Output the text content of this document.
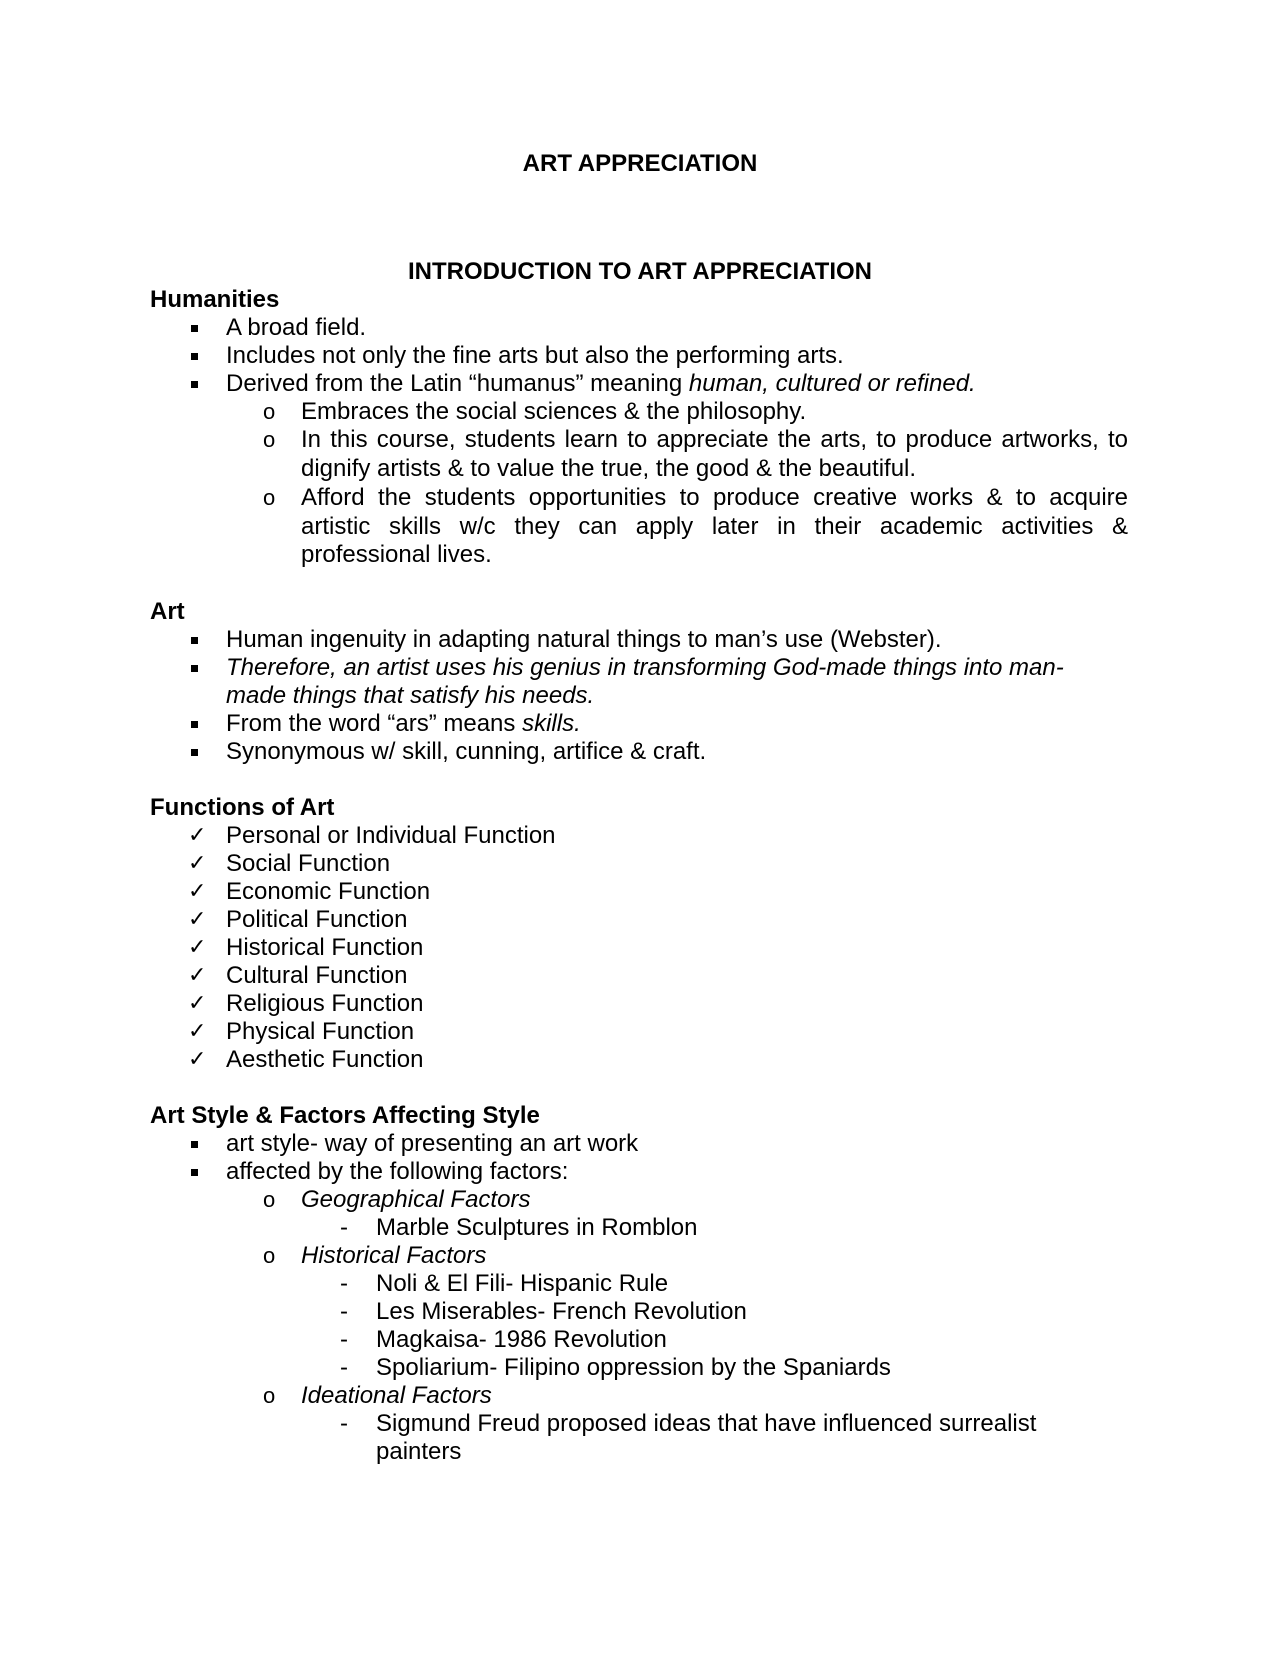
ART APPRECIATION
INTRODUCTION TO ART APPRECIATION
Humanities
A broad field.
Includes not only the fine arts but also the performing arts.
Derived from the Latin “humanus” meaning human, cultured or refined.
o Embraces the social sciences & the philosophy.
o In this course, students learn to appreciate the arts, to produce artworks, to dignify artists & to value the true, the good & the beautiful.
o Afford the students opportunities to produce creative works & to acquire artistic skills w/c they can apply later in their academic activities & professional lives.
Art
Human ingenuity in adapting natural things to man’s use (Webster).
Therefore, an artist uses his genius in transforming God-made things into man-
made things that satisfy his needs.
From the word “ars” means skills.
Synonymous w/ skill, cunning, artifice & craft.
Functions of Art
✓ Personal or Individual Function
✓ Social Function
✓ Economic Function
✓ Political Function
✓ Historical Function
✓ Cultural Function
✓ Religious Function
✓ Physical Function
✓ Aesthetic Function
Art Style & Factors Affecting Style
art style- way of presenting an art work
affected by the following factors:
o Geographical Factors
- Marble Sculptures in Romblon
o Historical Factors
- Noli & El Fili- Hispanic Rule
- Les Miserables- French Revolution
- Magkaisa- 1986 Revolution
- Spoliarium- Filipino oppression by the Spaniards
o Ideational Factors
- Sigmund Freud proposed ideas that have influenced surrealist
painters
